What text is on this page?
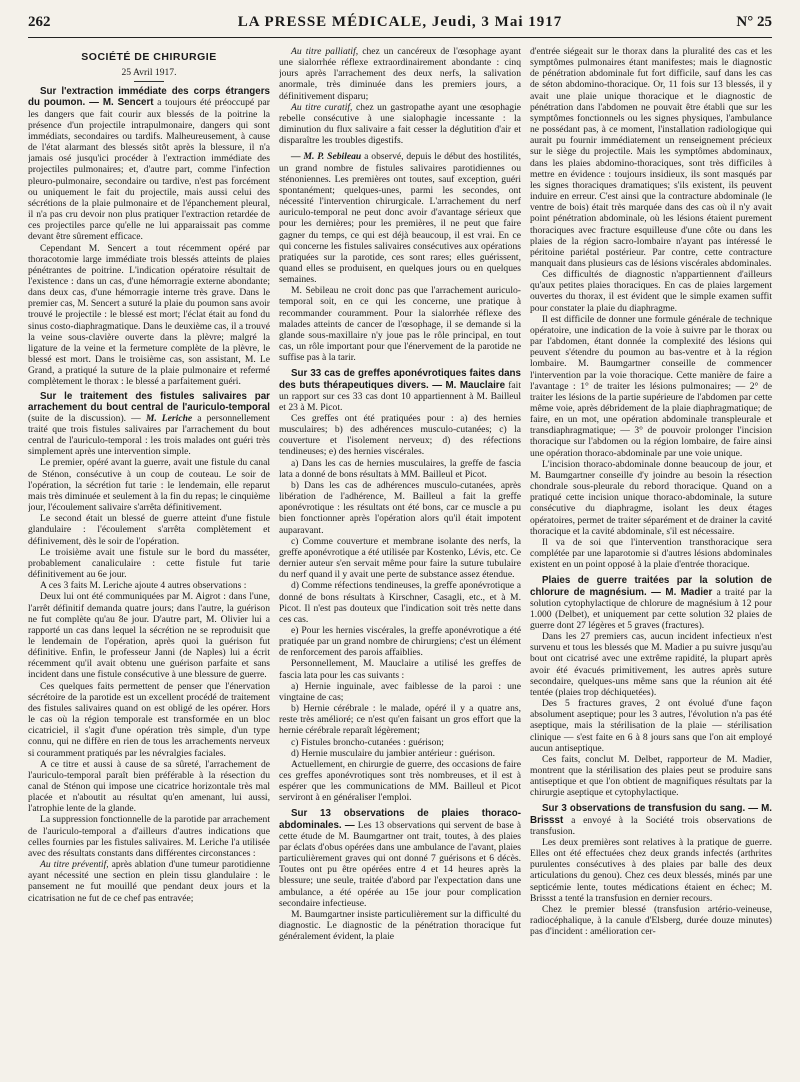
262	LA PRESSE MÉDICALE, Jeudi, 3 Mai 1917	N° 25
SOCIÉTÉ DE CHIRURGIE
25 Avril 1917.

Sur l'extraction immédiate des corps étrangers du poumon. — M. Sencert a toujours été préoccupé par les dangers que fait courir aux blessés de la poitrine la présence d'un projectile intrapulmonaire, dangers qui sont immédiats, secondaires ou tardifs. Malheureusement, à cause de l'état alarmant des blessés sitôt après la blessure, il n'a jamais osé jusqu'ici procéder à l'extraction immédiate des projectiles pulmonaires; et, d'autre part, comme l'infection pleuro-pulmonaire, secondaire ou tardive, n'est pas forcément ou uniquement le fait du projectile, mais aussi celui des sécrétions de la plaie pulmonaire et de l'épanchement pleural, il n'a pas cru devoir non plus pratiquer l'extraction retardée de ces projectiles parce qu'elle ne lui apparaissait pas comme devant être sûrement efficace.

Cependant M. Sencert a tout récemment opéré par thoracotomie large immédiate trois blessés atteints de plaies pénétrantes de poitrine. L'indication opératoire résultait de l'existence : dans un cas, d'une hémorragie externe abondante; dans deux cas, d'une hémorragie interne très grave. Dans le premier cas, M. Sencert a suturé la plaie du poumon sans avoir trouvé le projectile : le blessé est mort; l'éclat était au fond du sinus costo-diaphragmatique. Dans le deuxième cas, il a trouvé la veine sous-clavière ouverte dans la plèvre; malgré la ligature de la veine et la fermeture complète de la plèvre, le blessé est mort. Dans le troisième cas, son assistant, M. Le Grand, a pratiqué la suture de la plaie pulmonaire et refermé complètement le thorax : le blessé a parfaitement guéri.

Sur le traitement des fistules salivaires par arrachement du bout central de l'auriculo-temporal (suite de la discussion). — M. Leriche a personnellement traité que trois fistules salivaires par l'arrachement du bout central de l'auriculo-temporal : les trois malades ont guéri très simplement après une intervention simple.

Le premier, opéré avant la guerre, avait une fistule du canal de Sténon, consécutive à un coup de couteau. Le soir de l'opération, la sécrétion fut tarie : le lendemain, elle reparut mais très diminuée et seulement à la fin du repas; le cinquième jour, l'écoulement salivaire s'arrêta définitivement.

Le second était un blessé de guerre atteint d'une fistule glandulaire : l'écoulement s'arrêta complètement et définivement, dès le soir de l'opération.

Le troisième avait une fistule sur le bord du masséter, probablement canaliculaire : cette fistule fut tarie définitivement au 6e jour.

A ces 3 faits M. Leriche ajoute 4 autres observations :

Deux lui ont été communiquées par M. Aigrot : dans l'une, l'arrêt définitif demanda quatre jours; dans l'autre, la guérison ne fut complète qu'au 8e jour. D'autre part, M. Olivier lui a rapporté un cas dans lequel la sécrétion ne se reproduisit que le lendemain de l'opération, après quoi la guérison fut définitive. Enfin, le professeur Janni (de Naples) lui a écrit récemment qu'il avait obtenu une guérison parfaite et sans incident dans une fistule consécutive à une blessure de guerre.

Ces quelques faits permettent de penser que l'énervation sécrétoire de la parotide est un excellent procédé de traitement des fistules salivaires quand on est obligé de les opérer. Hors le cas où la région temporale est transformée en un bloc cicatriciel, il s'agit d'une opération très simple, d'un type connu, qui ne diffère en rien de tous les arrachements nerveux si couramment pratiqués par les névralgies faciales.

A ce titre et aussi à cause de sa sûreté, l'arrachement de l'auriculo-temporal paraît bien préférable à la résection du canal de Sténon qui impose une cicatrice horizontale très mal placée et n'aboutit au résultat qu'en amenant, lui aussi, l'atrophie lente de la glande.

La suppression fonctionnelle de la parotide par arrachement de l'auriculo-temporal a d'ailleurs d'autres indications que celles fournies par les fistules salivaires. M. Leriche l'a utilisée avec des résultats constants dans différentes circonstances :

Au titre préventif, après ablation d'une tumeur parotidienne ayant nécessité une section en plein tissu glandulaire : le pansement ne fut mouillé que pendant deux jours et la cicatrisation ne fut de ce chef pas entravée;

Au titre palliatif, chez un cancéreux de l'œsophage ayant une sialorrhée réflexe extraordinairement abondante : cinq jours après l'arrachement des deux nerfs, la salivation anormale, très diminuée dans les premiers jours, a définitivement disparu;

Au titre curatif, chez un gastropathe ayant une œsophagie rebelle consécutive à une sialophagie incessante : la diminution du flux salivaire a fait cesser la déglutition d'air et disparaître les troubles digestifs.

— M. P. Sebileau a observé, depuis le début des hostilités, un grand nombre de fistules salivaires parotidiennes ou sténoniennes. Les premières ont toutes, sauf exception, guéri spontanément; quelques-unes, parmi les secondes, ont nécessité l'intervention chirurgicale. L'arrachement du nerf auriculo-temporal ne peut donc avoir d'avantage sérieux que pour les dernières; pour les premières, il ne peut que faire gagner du temps, ce qui est déjà beaucoup, il est vrai. En ce qui concerne les fistules salivaires consécutives aux opérations pratiquées sur la parotide, ces sont rares; elles guérissent, quand elles se produisent, en quelques jours ou en quelques semaines.

M. Sebileau ne croit donc pas que l'arrachement auriculo-temporal soit, en ce qui les concerne, une pratique à recommander couramment. Pour la sialorrhée réflexe des malades atteints de cancer de l'œsophage, il se demande si la glande sous-maxillaire n'y joue pas le rôle principal, en tout cas, un rôle important pour que l'énervement de la parotide ne suffise pas à la tarir.

Sur 33 cas de greffes aponévrotiques faites dans des buts thérapeutiques divers. — M. Mauclaire fait un rapport sur ces 33 cas dont 10 appartiennent à M. Bailleul et 23 à M. Picot.

Ces greffes ont été pratiquées pour : a) des hernies musculaires; b) des adhérences musculo-cutanées; c) la couverture et l'isolement nerveux; d) des réfections tendineuses; e) des hernies viscérales.

a) Dans les cas de hernies musculaires, la greffe de fascia lata a donné de bons résultats à MM. Bailleul et Picot.

b) Dans les cas de adhérences musculo-cutanées, après libération de l'adhérence, M. Bailleul a fait la greffe aponévrotique : les résultats ont été bons, car ce muscle a pu bien fonctionner après l'opération alors qu'il était impotent auparavant.

c) Comme couverture et membrane isolante des nerfs, la greffe aponévrotique a été utilisée par Kostenko, Lévis, etc. Ce dernier auteur s'en servait même pour faire la suture tubulaire du nerf quand il y avait une perte de substance assez étendue.

d) Comme réfections tendineuses, la greffe aponévrotique a donné de bons résultats à Kirschner, Casagli, etc., et à M. Picot. Il n'est pas douteux que l'indication soit très nette dans ces cas.

e) Pour les hernies viscérales, la greffe aponévrotique a été pratiquée par un grand nombre de chirurgiens; c'est un élément de renforcement des parois affaiblies.

Personnellement, M. Mauclaire a utilisé les greffes de fascia lata pour les cas suivants :

a) Hernie inguinale, avec faiblesse de la paroi : une vingtaine de cas;

b) Hernie cérébrale : le malade, opéré il y a quatre ans, reste très amélioré; ce n'est qu'en faisant un gros effort que la hernie cérébrale reparaît légèrement;

c) Fistules broncho-cutanées : guérison;

d) Hernie musculaire du jambier antérieur : guérison.

Actuellement, en chirurgie de guerre, des occasions de faire ces greffes aponévrotiques sont très nombreuses, et il est à espérer que les communications de MM. Bailleul et Picot serviront à en généraliser l'emploi.

Sur 13 observations de plaies thoraco-abdominales. — Les 13 observations qui servent de base à cette étude de M. Baumgartner ont trait, toutes, à des plaies par éclats d'obus opérées dans une ambulance de l'avant, plaies particulièrement graves qui ont donné 7 guérisons et 6 décès. Toutes ont pu être opérées entre 4 et 14 heures après la blessure; une seule, traitée d'abord par l'expectation dans une ambulance, a été opérée au 15e jour pour complication secondaire infectieuse.

M. Baumgartner insiste particulièrement sur la difficulté du diagnostic. Le diagnostic de la pénétration thoracique fut généralement évident, la plaie

d'entrée siégeait sur le thorax dans la pluralité des cas et les symptômes pulmonaires étant manifestes; mais le diagnostic de pénétration abdominale fut fort difficile, sauf dans les cas de séton abdomino-thoracique. Or, 11 fois sur 13 blessés, il y avait une plaie unique thoracique et le diagnostic de pénétration dans l'abdomen ne pouvait être établi que sur les symptômes fonctionnels ou les signes physiques, l'ambulance ne possédant pas, à ce moment, l'installation radiologique qui aurait pu fournir immédiatement un renseignement précieux sur le siège du projectile. Mais les symptômes abdominaux, dans les plaies abdomino-thoraciques, sont très difficiles à mettre en évidence : toujours insidieux, ils sont masqués par les signes thoraciques dramatiques; s'ils existent, ils peuvent induire en erreur. C'est ainsi que la contracture abdominale (le ventre de bois) était très marquée dans des cas où il n'y avait point pénétration abdominale, où les lésions étaient purement thoraciques avec fracture esquilleuse d'une côte ou dans les plaies de la région sacro-lombaire n'ayant pas intéressé le péritoine pariétal postérieur. Par contre, cette contracture manquait dans plusieurs cas de lésions viscérales abdominales.

Ces difficultés de diagnostic n'appartiennent d'ailleurs qu'aux petites plaies thoraciques. En cas de plaies largement ouvertes du thorax, il est évident que le simple examen suffit pour constater la plaie du diaphragme.

Il est difficile de donner une formule générale de technique opératoire, une indication de la voie à suivre par le thorax ou par l'abdomen, étant donnée la complexité des lésions qui peuvent s'étendre du poumon au bas-ventre et à la région lombaire. M. Baumgartner conseille de commencer l'intervention par la voie thoracique. Cette manière de faire a l'avantage : 1° de traiter les lésions pulmonaires; — 2° de traiter les lésions de la partie supérieure de l'abdomen par cette même voie, après débridement de la plaie diaphragmatique; de faire, en un mot, une opération abdominale transpleurale et transdiaphragmatique; — 3° de pouvoir prolonger l'incision thoracique sur l'abdomen ou la région lombaire, de faire ainsi une opération thoraco-abdominale par une voie unique.

L'incision thoraco-abdominale donne beaucoup de jour, et M. Baumgartner conseille d'y joindre au besoin la résection chondrale sous-pleurale du rebord thoracique. Quand on a pratiqué cette incision unique thoraco-abdominale, la suture consécutive du diaphragme, isolant les deux étages opératoires, permet de traiter séparément et de drainer la cavité thoracique et la cavité abdominale, s'il est nécessaire.

Il va de soi que l'intervention transthoracique sera complétée par une laparotomie si d'autres lésions abdominales existent en un point opposé à la plaie d'entrée thoracique.

Plaies de guerre traitées par la solution de chlorure de magnésium. — M. Madier a traité par la solution cytophylactique de chlorure de magnésium à 12 pour 1.000 (Delbet), et uniquement par cette solution 32 plaies de guerre dont 27 légères et 5 graves (fractures).

Dans les 27 premiers cas, aucun incident infectieux n'est survenu et tous les blessés que M. Madier a pu suivre jusqu'au bout ont cicatrisé avec une extrême rapidité, la plupart après avoir été évacués primitivement, les autres après suture secondaire, quelques-uns même sans que la réunion ait été tentée (plaies trop déchiquetées).

Des 5 fractures graves, 2 ont évolué d'une façon absolument aseptique; pour les 3 autres, l'évolution n'a pas été aseptique, mais la stérilisation de la plaie — stérilisation clinique — s'est faite en 6 à 8 jours sans que l'on ait employé aucun antiseptique.

Ces faits, conclut M. Delbet, rapporteur de M. Madier, montrent que la stérilisation des plaies peut se produire sans antiseptique et que l'on obtient de magnifiques résultats par la chirurgie aseptique et cytophylactique.

Sur 3 observations de transfusion du sang. — M. Brissst a envoyé à la Société trois observations de transfusion.

Les deux premières sont relatives à la pratique de guerre. Elles ont été effectuées chez deux grands infectés (arthrites purulentes consécutives à des plaies par balle des deux articulations du genou). Chez ces deux blessés, minés par une septicémie lente, toutes médications étaient en échec; M. Brissst a tenté la transfusion en dernier recours.

Chez le premier blessé (transfusion artério-veineuse, radiocéphalique, à la canule d'Elsberg, durée douze minutes) pas d'incident : amélioration cer-
